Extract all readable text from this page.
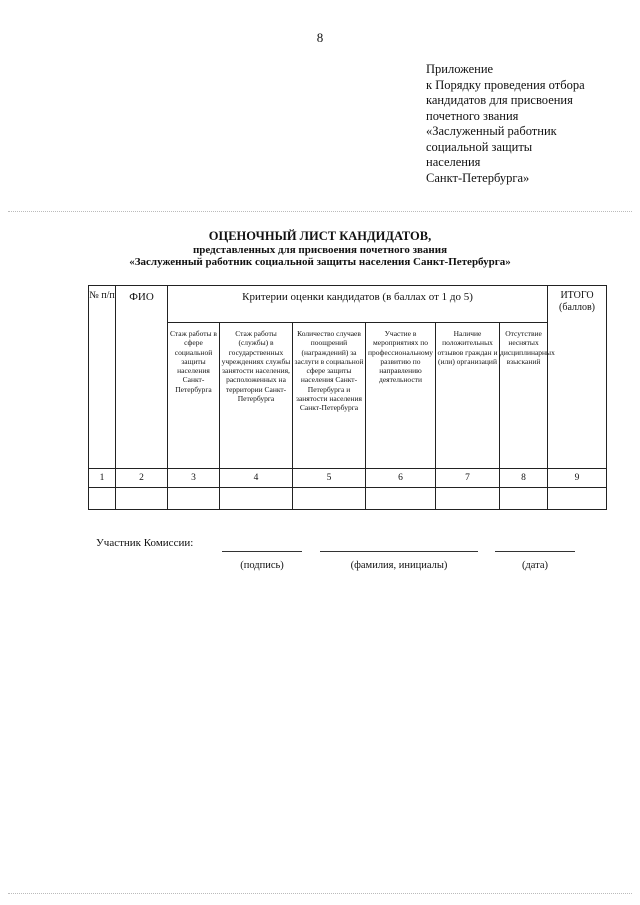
8
Приложение
к Порядку проведения отбора
кандидатов для присвоения
почетного звания
«Заслуженный работник
социальной защиты
населения
Санкт-Петербурга»
ОЦЕНОЧНЫЙ ЛИСТ КАНДИДАТОВ,
представленных для присвоения почетного звания
«Заслуженный работник социальной защиты населения Санкт-Петербурга»
№ п/п	ФИО	Критерии оценки кандидатов (в баллах от 1 до 5)						ИТОГО (баллов)
		Стаж работы в сфере социальной защиты населения Санкт-Петербурга	Стаж работы (службы) в государственных учреждениях службы занятости населения, расположенных на территории Санкт-Петербурга	Количество случаев поощрений (награждений) за заслуги в социальной сфере защиты населения Санкт-Петербурга и занятости населения Санкт-Петербурга	Участие в мероприятиях по профессиональному развитию по направлению деятельности	Наличие положительных отзывов граждан и (или) организаций	Отсутствие неснятых дисциплинарных взысканий	
1	2	3	4	5	6	7	8	9

Участник Комиссии:
(подпись)	(фамилия, инициалы)	(дата)
